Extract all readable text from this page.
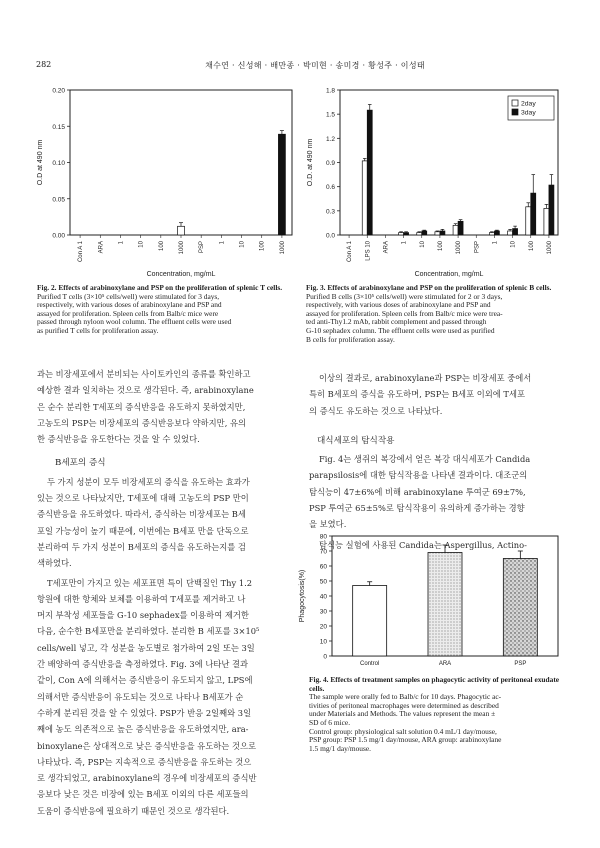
282	채수연 · 신성해 · 배만종 · 박미현 · 송미경 · 황성주 · 이성태
0.00
0.05
0.10
0.15
0.20
O.D at 490 nm
Con A 1 ARA 1 10 100 1000 PSP 1 10 100 1000
Concentration, mg/mL
0.0
0.3
0.6
0.9
1.2
1.5
1.8
O.D. at 490 nm
Con A 1 LPS 10 ARA 1 10 100 1000 PSP 1 10 100 1000
2day
3day
Concentration, mg/mL
Fig. 2. Effects of arabinoxylane and PSP on the proliferation of splenic T cells.
Purified T cells (3×10⁵ cells/well) were stimulated for 3 days,
respectively, with various doses of arabinoxylane and PSP and
assayed for proliferation. Spleen cells from Balb/c mice were
passed through nyloon wool column. The effluent cells were used
as purified T cells for proliferation assay.
Fig. 3. Effects of arabinoxylane and PSP on the proliferation of splenic B cells.
Purified B cells (3×10⁵ cells/well) were stimulated for 2 or 3 days,
respectively, with various doses of arabinoxylane and PSP and
assayed for proliferation. Spleen cells from Balb/c mice were trea-
ted anti-Thy1.2 mAb, rabbit complement and passed through
G-10 sephadex column. The effluent cells were used as purified
B cells for proliferation assay.
과는 비장세포에서 분비되는 사이토카인의 종류를 확인하고
예상한 결과 일치하는 것으로 생각된다. 즉, arabinoxylane
은 순수 분리한 T세포의 증식반응을 유도하지 못하였지만,
고농도의 PSP는 비장세포의 증식반응보다 약하지만, 유의
한 증식반응을 유도한다는 것을 알 수 있었다.
B세포의 증식
두 가지 성분이 모두 비장세포의 증식을 유도하는 효과가
있는 것으로 나타났지만, T세포에 대해 고농도의 PSP 만이
증식반응을 유도하였다. 따라서, 증식하는 비장세포는 B세
포일 가능성이 높기 때문에, 이번에는 B세포 만을 단독으로
분리하여 두 가지 성분이 B세포의 증식을 유도하는지를 검
색하였다.
T세포만이 가지고 있는 세포표면 특이 단백질인 Thy 1.2
항원에 대한 항체와 보체를 이용하여 T세포를 제거하고 나
머지 부착성 세포들을 G-10 sephadex를 이용하여 제거한
다음, 순수한 B세포만을 분리하였다. 분리한 B 세포를 3×10⁵
cells/well 넣고, 각 성분을 농도별로 첨가하여 2일 또는 3일
간 배양하여 증식반응을 측정하였다. Fig. 3에 나타난 결과
같이, Con A에 의해서는 증식반응이 유도되지 않고, LPS에
의해서만 증식반응이 유도되는 것으로 나타나 B세포가 순
수하게 분리된 것을 알 수 있었다. PSP가 반응 2일째와 3일
째에 농도 의존적으로 높은 증식반응을 유도하였지만, ara-
binoxylane은 상대적으로 낮은 증식반응을 유도하는 것으로
나타났다. 즉, PSP는 지속적으로 증식반응을 유도하는 것으
로 생각되었고, arabinoxylane의 경우에 비장세포의 증식반
응보다 낮은 것은 비장에 있는 B세포 이외의 다른 세포들의
도움이 증식반응에 필요하기 때문인 것으로 생각된다.
이상의 결과로, arabinoxylane과 PSP는 비장세포 중에서
특히 B세포의 증식을 유도하며, PSP는 B세포 이외에 T세포
의 증식도 유도하는 것으로 나타났다.
대식세포의 탐식작용
Fig. 4는 생쥐의 복강에서 얻은 복강 대식세포가 Candida
parapsilosis에 대한 탐식작용을 나타낸 결과이다. 대조군의
탐식능이 47±6%에 비해 arabinoxylane 투여군 69±7%,
PSP 투여군 65±5%로 탐식작용이 유의하게 증가하는 경향
을 보였다.
탐식능 실험에 사용된 Candida는 Aspergillus, Actino-
0
10
20
30
40
50
60
70
80
Phagocytosis(%)
Control	ARA	PSP
Fig. 4. Effects of treatment samples on phagocytic activity of peritoneal exudate cells.
The sample were orally fed to Balb/c for 10 days. Phagocytic ac-
tivities of peritoneal macrophages were determined as described
under Materials and Methods. The values represent the mean ±
SD of 6 mice.
Control group: physiological salt solution 0.4 mL/1 day/mouse,
PSP group: PSP 1.5 mg/1 day/mouse, ARA group: arabinoxylane
1.5 mg/1 day/mouse.
